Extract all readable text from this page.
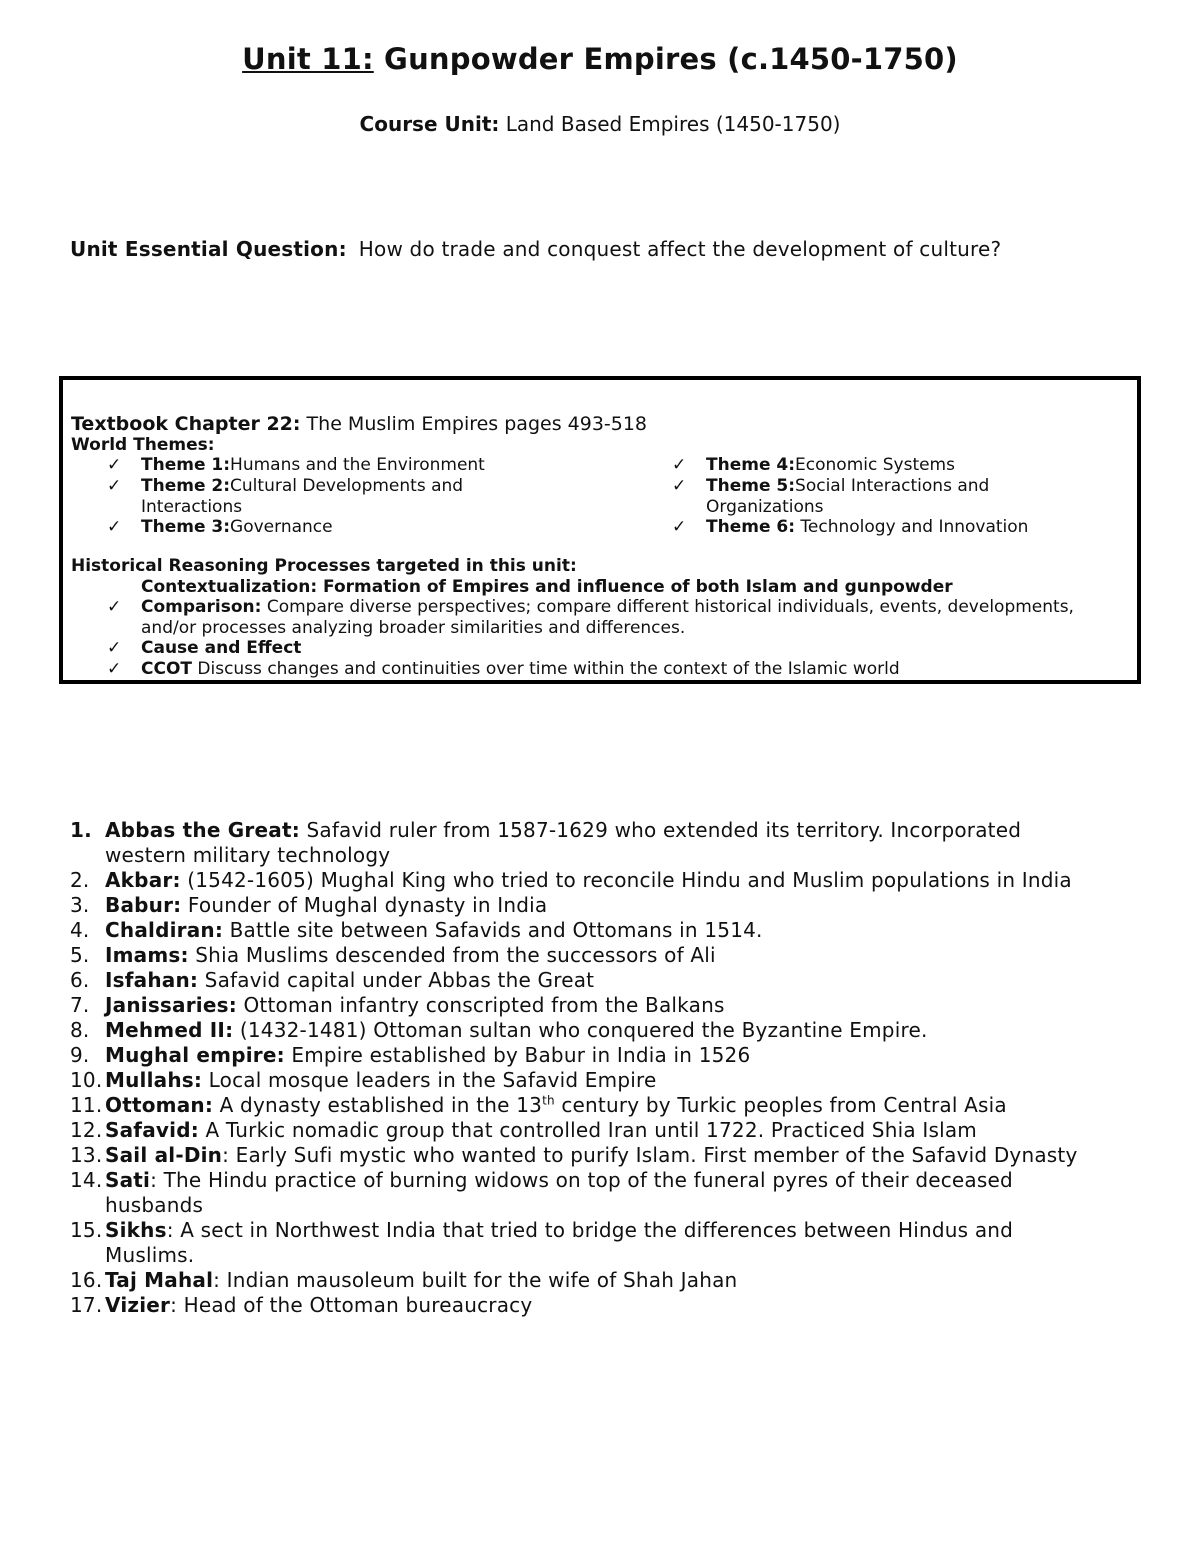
Unit 11: Gunpowder Empires (c.1450-1750)
Course Unit: Land Based Empires (1450-1750)
Unit Essential Question: How do trade and conquest affect the development of culture?
Textbook Chapter 22: The Muslim Empires pages 493-518
World Themes:
✓ Theme 1:Humans and the Environment
✓ Theme 2:Cultural Developments and Interactions
✓ Theme 3:Governance
✓ Theme 4:Economic Systems
✓ Theme 5:Social Interactions and Organizations
✓ Theme 6: Technology and Innovation
Historical Reasoning Processes targeted in this unit:
Contextualization: Formation of Empires and influence of both Islam and gunpowder
✓ Comparison: Compare diverse perspectives; compare different historical individuals, events, developments, and/or processes analyzing broader similarities and differences.
✓ Cause and Effect
✓ CCOT Discuss changes and continuities over time within the context of the Islamic world
1. Abbas the Great: Safavid ruler from 1587-1629 who extended its territory. Incorporated western military technology
2. Akbar: (1542-1605) Mughal King who tried to reconcile Hindu and Muslim populations in India
3. Babur: Founder of Mughal dynasty in India
4. Chaldiran: Battle site between Safavids and Ottomans in 1514.
5. Imams: Shia Muslims descended from the successors of Ali
6. Isfahan: Safavid capital under Abbas the Great
7. Janissaries: Ottoman infantry conscripted from the Balkans
8. Mehmed II: (1432-1481) Ottoman sultan who conquered the Byzantine Empire.
9. Mughal empire: Empire established by Babur in India in 1526
10. Mullahs: Local mosque leaders in the Safavid Empire
11. Ottoman: A dynasty established in the 13th century by Turkic peoples from Central Asia
12. Safavid: A Turkic nomadic group that controlled Iran until 1722. Practiced Shia Islam
13. Sail al-Din: Early Sufi mystic who wanted to purify Islam. First member of the Safavid Dynasty
14. Sati: The Hindu practice of burning widows on top of the funeral pyres of their deceased husbands
15. Sikhs: A sect in Northwest India that tried to bridge the differences between Hindus and Muslims.
16. Taj Mahal: Indian mausoleum built for the wife of Shah Jahan
17. Vizier: Head of the Ottoman bureaucracy
